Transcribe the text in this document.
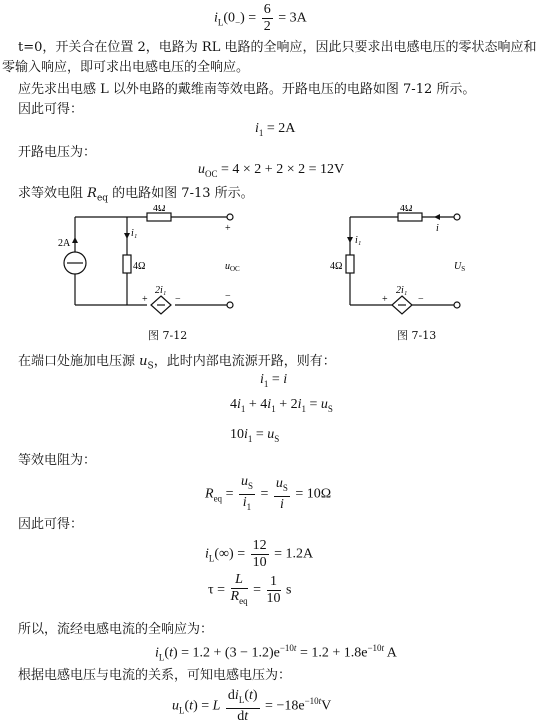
$i_L(0_-) = \frac{6}{2} = 3A$
t=0，开关合在位置 2，电路为 RL 电路的全响应，因此只要求出电感电压的零状态响应和
零输入响应，即可求出电感电压的全响应。
应先求出电感 L 以外电路的戴维南等效电路。开路电压的电路如图 7-12 所示。
因此可得：
$i_1 = 2A$
开路电压为：
$u_{OC} = 4 \times 2 + 2 \times 2 = 12V$
求等效电阻 $R_{eq}$ 的电路如图 7-13 所示。
2A
4Ω
4Ω
i₁
2i₁
+	−
+
−
$u_{OC}$
图 7-12
4Ω
4Ω
i
i₁
2i₁
+	−
$U_S$
图 7-13
在端口处施加电压源 $u_S$，此时内部电流源开路，则有：
$i_1 = i$
$4i_1 + 4i_1 + 2i_1 = u_S$
$10i_1 = u_S$
等效电阻为：
$R_{eq} = \frac{u_S}{i_1} = \frac{u_S}{i} = 10\Omega$
因此可得：
$i_L(\infty) = \frac{12}{10} = 1.2A$
$\tau = \frac{L}{R_{eq}} = \frac{1}{10}$ s
所以，流经电感电流的全响应为：
$i_L(t) = 1.2 + (3 - 1.2)e^{-10t} = 1.2 + 1.8e^{-10t}$ A
根据电感电压与电流的关系，可知电感电压为：
$u_L(t) = L \frac{di_L(t)}{dt} = -18e^{-10t}V$
